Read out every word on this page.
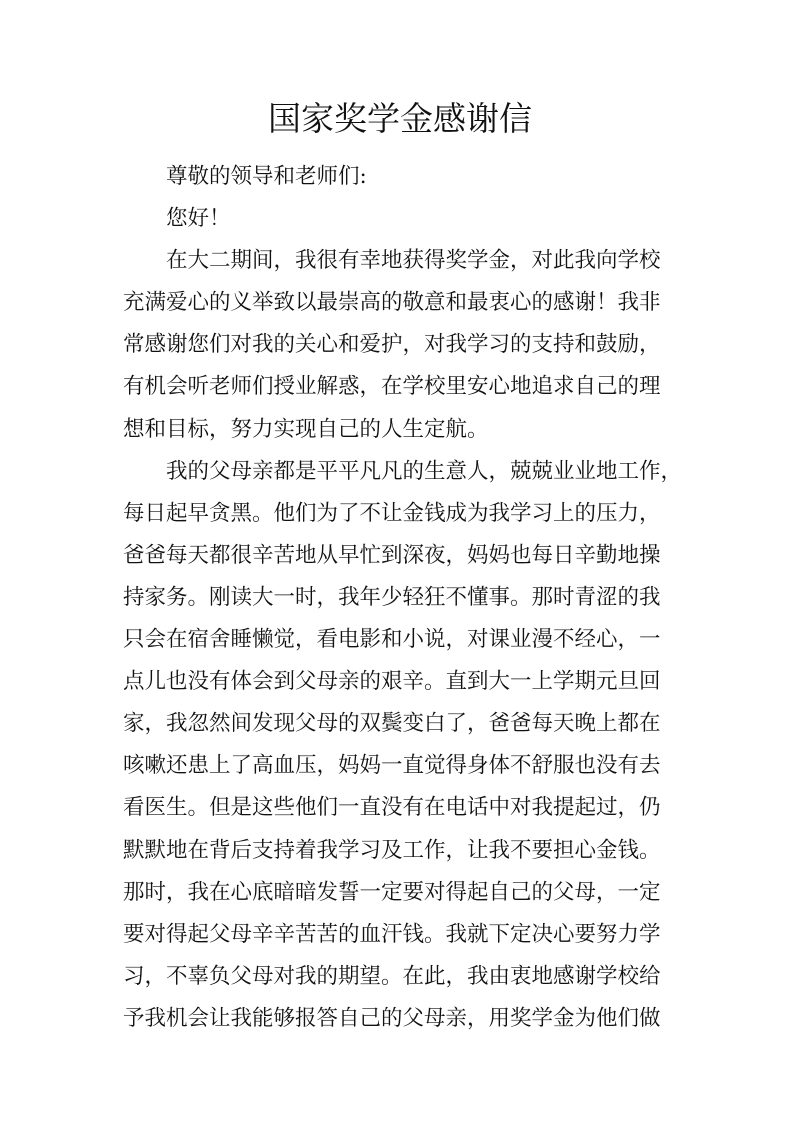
国家奖学金感谢信

尊敬的领导和老师们:

您好！

在大二期间，我很有幸地获得奖学金，对此我向学校

充满爱心的义举致以最崇高的敬意和最衷心的感谢！我非

常感谢您们对我的关心和爱护，对我学习的支持和鼓励，

有机会听老师们授业解惑，在学校里安心地追求自己的理

想和目标，努力实现自己的人生定航。

我的父母亲都是平平凡凡的生意人，兢兢业业地工作，

每日起早贪黑。他们为了不让金钱成为我学习上的压力，

爸爸每天都很辛苦地从早忙到深夜，妈妈也每日辛勤地操

持家务。刚读大一时，我年少轻狂不懂事。那时青涩的我

只会在宿舍睡懒觉，看电影和小说，对课业漫不经心，一

点儿也没有体会到父母亲的艰辛。直到大一上学期元旦回

家，我忽然间发现父母的双鬓变白了，爸爸每天晚上都在

咳嗽还患上了高血压，妈妈一直觉得身体不舒服也没有去

看医生。但是这些他们一直没有在电话中对我提起过，仍

默默地在背后支持着我学习及工作，让我不要担心金钱。

那时，我在心底暗暗发誓一定要对得起自己的父母，一定

要对得起父母辛辛苦苦的血汗钱。我就下定决心要努力学

习，不辜负父母对我的期望。在此，我由衷地感谢学校给

予我机会让我能够报答自己的父母亲，用奖学金为他们做
